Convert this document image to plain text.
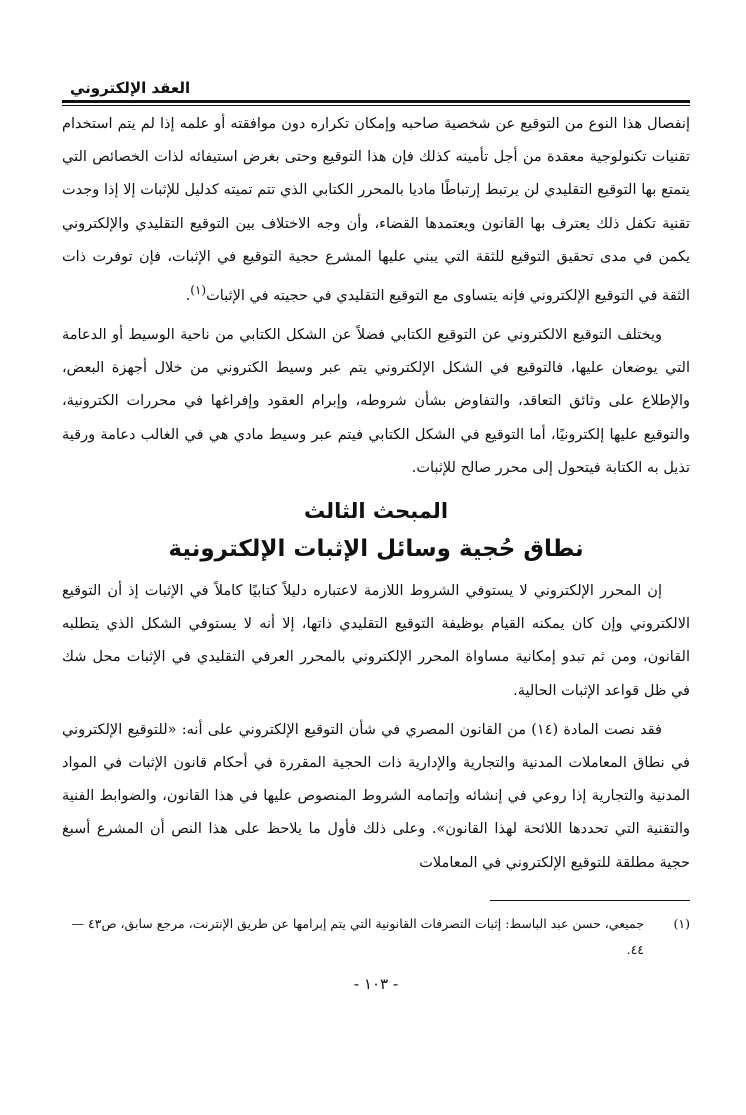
العقد الإلكتروني

إنفصال هذا النوع من التوقيع عن شخصية صاحبه وإمكان تكراره دون موافقته أو علمه إذا لم يتم استخدام تقنيات تكنولوجية معقدة من أجل تأمينه كذلك فإن هذا التوقيع وحتى بغرض استيفائه لذات الخصائص التي يتمتع بها التوقيع التقليدي لن يرتبط إرتباطًا ماديا بالمحرر الكتابي الذي تتم تميته كدليل للإثبات إلا إذا وجدت تقنية تكفل ذلك يعترف بها القانون ويعتمدها القضاء، وأن وجه الاختلاف بين التوقيع التقليدي والإلكتروني يكمن في مدى تحقيق التوقيع للثقة التي يبني عليها المشرع حجية التوقيع في الإثبات، فإن توفرت ذات الثقة في التوقيع الإلكتروني فإنه يتساوى مع التوقيع التقليدي في حجيته في الإثبات$^{(١)}$.

ويختلف التوقيع الالكتروني عن التوقيع الكتابي فضلاً عن الشكل الكتابي من ناحية الوسيط أو الدعامة التي يوضعان عليها، فالتوقيع في الشكل الإلكتروني يتم عبر وسيط الكتروني من خلال أجهزة البعض، والإطلاع على وثائق التعاقد، والتفاوض بشأن شروطه، وإبرام العقود وإفراغها في محررات الكترونية، والتوقيع عليها إلكترونيًا، أما التوقيع في الشكل الكتابي فيتم عبر وسيط مادي هي في الغالب دعامة ورقية تذيل به الكتابة فيتحول إلى محرر صالح للإثبات.

المبحث الثالث
نطاق حُجية وسائل الإثبات الإلكترونية

إن المحرر الإلكتروني لا يستوفي الشروط اللازمة لاعتباره دليلاً كتابيًا كاملاً في الإثبات إذ أن التوقيع الالكتروني وإن كان يمكنه القيام بوظيفة التوقيع التقليدي ذاتها، إلا أنه لا يستوفي الشكل الذي يتطلبه القانون، ومن ثم تبدو إمكانية مساواة المحرر الإلكتروني بالمحرر العرفي التقليدي في الإثبات محل شك في ظل قواعد الإثبات الحالية.

فقد نصت المادة (١٤) من القانون المصري في شأن التوقيع الإلكتروني على أنه: «للتوقيع الإلكتروني في نطاق المعاملات المدنية والتجارية والإدارية ذات الحجية المقررة في أحكام قانون الإثبات في المواد المدنية والتجارية إذا روعي في إنشائه وإتمامه الشروط المنصوص عليها في هذا القانون، والضوابط الفنية والتقنية التي تحددها اللائحة لهذا القانون». وعلى ذلك فأول ما يلاحظ على هذا النص أن المشرع أسبغ حجية مطلقة للتوقيع الإلكتروني في المعاملات

(١)
جميعي، حسن عبد الباسط: إثبات التصرفات القانونية التي يتم إبرامها عن طريق الإنترنت، مرجع سابق، ص٤٣ — ٤٤.
- ١٠٣ -
